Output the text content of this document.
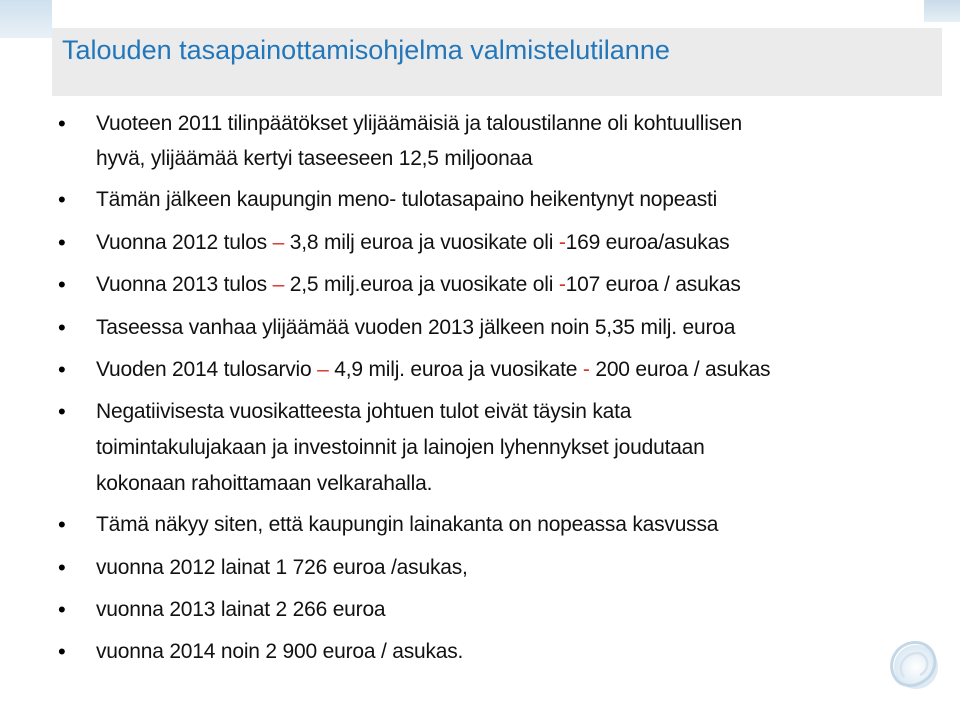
Talouden tasapainottamisohjelma valmistelutilanne
• Vuoteen 2011 tilinpäätökset ylijäämäisiä ja taloustilanne oli kohtuullisen
hyvä, ylijäämää kertyi taseeseen 12,5 miljoonaa
• Tämän jälkeen kaupungin meno- tulotasapaino heikentynyt nopeasti
• Vuonna 2012 tulos – 3,8 milj euroa ja vuosikate oli -169 euroa/asukas
• Vuonna 2013 tulos – 2,5 milj.euroa ja vuosikate oli -107 euroa / asukas
• Taseessa vanhaa ylijäämää vuoden 2013 jälkeen noin 5,35 milj. euroa
• Vuoden 2014 tulosarvio – 4,9 milj. euroa ja vuosikate - 200 euroa / asukas
• Negatiivisesta vuosikatteesta johtuen tulot eivät täysin kata
toimintakulujakaan ja investoinnit ja lainojen lyhennykset joudutaan
kokonaan rahoittamaan velkarahalla.
• Tämä näkyy siten, että kaupungin lainakanta on nopeassa kasvussa
• vuonna 2012 lainat 1 726 euroa /asukas,
• vuonna 2013 lainat 2 266 euroa
• vuonna 2014 noin 2 900 euroa / asukas.
